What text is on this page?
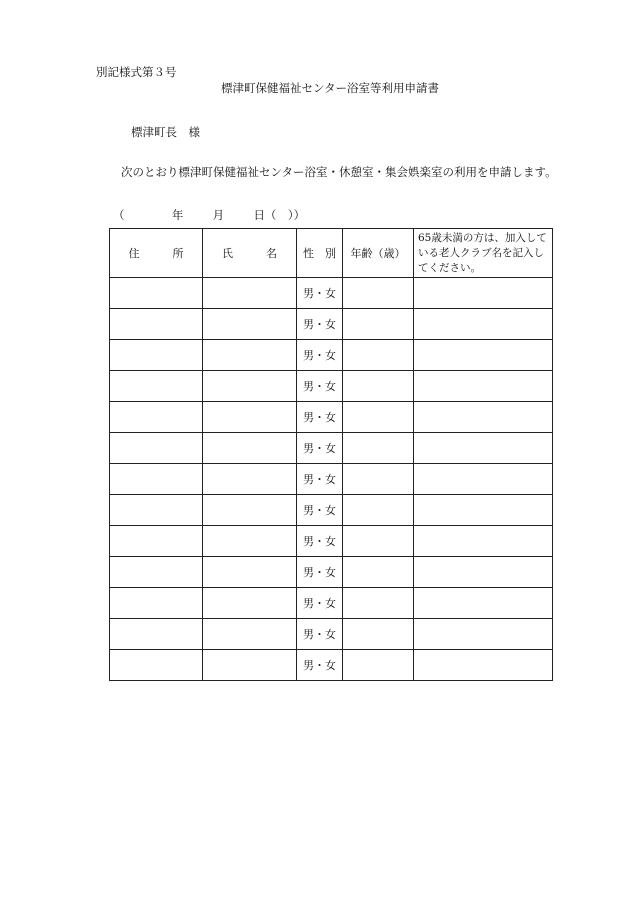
別記様式第３号
標津町保健福祉センター浴室等利用申請書
標津町長　様
次のとおり標津町保健福祉センター浴室・休憩室・集会娯楽室の利用を申請します。
（	年	月	日（　））
住　　　所	氏　　　名	性　別	年齢（歳）	65歳未満の方は、加入している老人クラブ名を記入してください。
		男・女		
		男・女		
		男・女		
		男・女		
		男・女		
		男・女		
		男・女		
		男・女		
		男・女		
		男・女		
		男・女		
		男・女		
		男・女		
